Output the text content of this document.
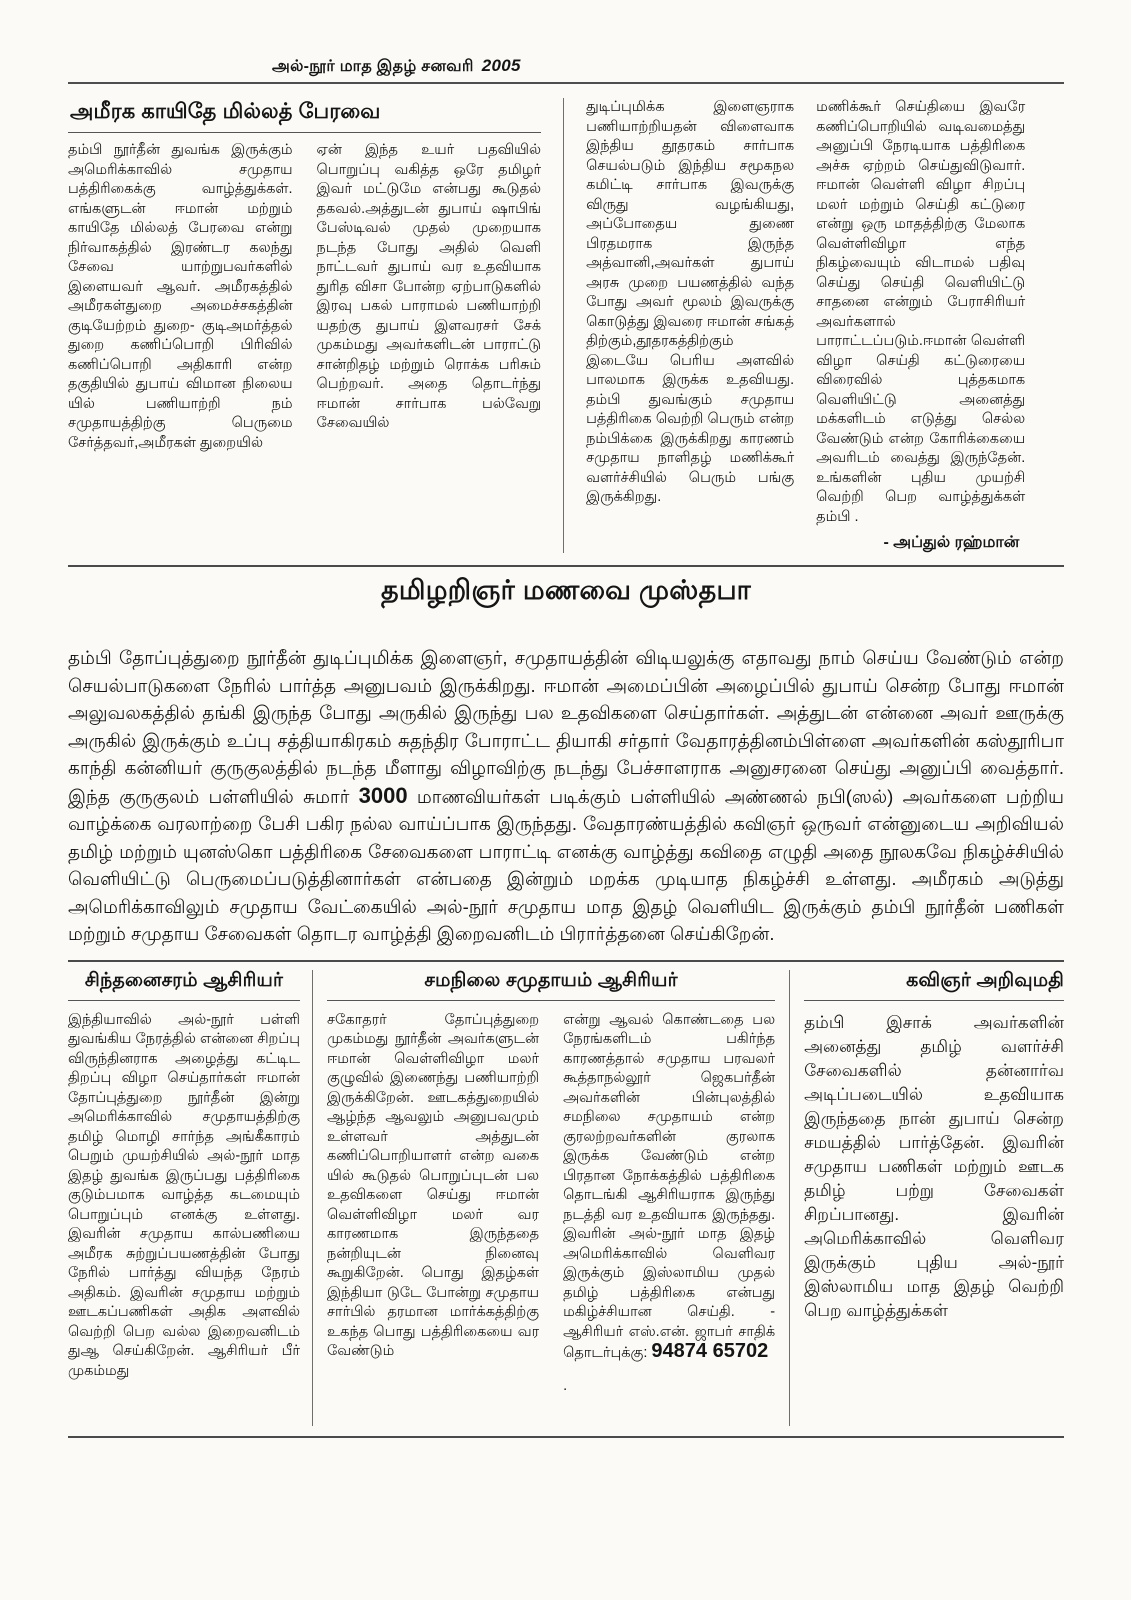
அல்-நூர் மாத இதழ் சனவரி 2005
அமீரக காயிதே மில்லத் பேரவை
தம்பி நூர்தீன் துவங்க இருக்கும் அமெரிக்காவில் சமுதாய பத்திரிகைக்கு வாழ்த்துக்கள். எங்களுடன் ஈமான் மற்றும் காயிதே மில்லத் பேரவை என்று நிர்வாகத்தில் இரண்டர கலந்து சேவை யாற்றுபவர்களில் இளையவர் ஆவர். அமீரகத்தில் அமீரகள்துறை அமைச்சகத்தின் குடியேற்றம் துறை- குடிஅமர்த்தல் துறை கணிப்பொறி பிரிவில் கணிப்பொறி அதிகாரி என்ற தகுதியில் துபாய் விமான நிலைய யில் பணியாற்றி நம் சமுதாயத்திற்கு பெருமை சேர்த்தவர்,அமீரகள் துறையில்
ஏன் இந்த உயர் பதவியில் பொறுப்பு வகித்த ஒரே தமிழர் இவர் மட்டுமே என்பது கூடுதல் தகவல்.அத்துடன் துபாய் ஷாபிங் பேஸ்டிவல் முதல் முறையாக நடந்த போது அதில் வெளி நாட்டவர் துபாய் வர உதவியாக துரித விசா போன்ற ஏற்பாடுகளில் இரவு பகல் பாராமல் பணியாற்றி யதற்கு துபாய் இளவரசர் சேக் முகம்மது அவர்களிடன் பாராட்டு சான்றிதழ் மற்றும் ரொக்க பரிசும் பெற்றவர். அதை தொடர்ந்து ஈமான் சார்பாக பல்வேறு சேவையில்
துடிப்புமிக்க இளைஞராக பணியாற்றியதன் விளைவாக இந்திய தூதரகம் சார்பாக செயல்படும் இந்திய சமூகநல கமிட்டி சார்பாக இவருக்கு விருது வழங்கியது, அப்போதைய துணை பிரதமராக இருந்த அத்வானி,அவர்கள் துபாய் அரசு முறை பயணத்தில் வந்த போது அவர் மூலம் இவருக்கு கொடுத்து இவரை ஈமான் சங்கத் திற்கும்,தூதரகத்திற்கும் இடையே பெரிய அளவில் பாலமாக இருக்க உதவியது. தம்பி துவங்கும் சமுதாய பத்திரிகை வெற்றி பெரும் என்ற நம்பிக்கை இருக்கிறது காரணம் சமுதாய நாளிதழ் மணிக்கூர் வளர்ச்சியில் பெரும் பங்கு இருக்கிறது.
மணிக்கூர் செய்தியை இவரே கணிப்பொறியில் வடிவமைத்து அனுப்பி நேரடியாக பத்திரிகை அச்சு ஏற்றம் செய்துவிடுவார். ஈமான் வெள்ளி விழா சிறப்பு மலர் மற்றும் செய்தி கட்டுரை என்று ஒரு மாதத்திற்கு மேலாக வெள்ளிவிழா எந்த நிகழ்வையும் விடாமல் பதிவு செய்து செய்தி வெளியிட்டு சாதனை என்றும் பேராசிரியர் அவர்களால் பாராட்டப்படும்.ஈமான் வெள்ளி விழா செய்தி கட்டுரையை விரைவில் புத்தகமாக வெளியிட்டு அனைத்து மக்களிடம் எடுத்து செல்ல வேண்டும் என்ற கோரிக்கையை அவரிடம் வைத்து இருந்தேன். உங்களின் புதிய முயற்சி வெற்றி பெற வாழ்த்துக்கள் தம்பி .
- அப்துல் ரஹ்மான்
தமிழறிஞர் மணவை முஸ்தபா

தம்பி தோப்புத்துறை நூர்தீன் துடிப்புமிக்க இளைஞர், சமுதாயத்தின் விடியலுக்கு எதாவது நாம் செய்ய வேண்டும் என்ற செயல்பாடுகளை நேரில் பார்த்த அனுபவம் இருக்கிறது. ஈமான் அமைப்பின் அழைப்பில் துபாய் சென்ற போது ஈமான் அலுவலகத்தில் தங்கி இருந்த போது அருகில் இருந்து பல உதவிகளை செய்தார்கள். அத்துடன் என்னை அவர் ஊருக்கு அருகில் இருக்கும் உப்பு சத்தியாகிரகம் சுதந்திர போராட்ட தியாகி சர்தார் வேதாரத்தினம்பிள்ளை அவர்களின் கஸ்தூரிபா காந்தி கன்னியர் குருகுலத்தில் நடந்த மீளாது விழாவிற்கு நடந்து பேச்சாளராக அனுசரனை செய்து அனுப்பி வைத்தார். இந்த குருகுலம் பள்ளியில் சுமார் 3000 மாணவியர்கள் படிக்கும் பள்ளியில் அண்ணல் நபி(ஸல்) அவர்களை பற்றிய வாழ்க்கை வரலாற்றை பேசி பகிர நல்ல வாய்ப்பாக இருந்தது. வேதாரண்யத்தில் கவிஞர் ஒருவர் என்னுடைய அறிவியல் தமிழ் மற்றும் யுனஸ்கொ பத்திரிகை சேவைகளை பாராட்டி எனக்கு வாழ்த்து கவிதை எழுதி அதை நூலகவே நிகழ்ச்சியில் வெளியிட்டு பெருமைப்படுத்தினார்கள் என்பதை இன்றும் மறக்க முடியாத நிகழ்ச்சி உள்ளது. அமீரகம் அடுத்து அமெரிக்காவிலும் சமுதாய வேட்கையில் அல்-நூர் சமுதாய மாத இதழ் வெளியிட இருக்கும் தம்பி நூர்தீன் பணிகள் மற்றும் சமுதாய சேவைகள் தொடர வாழ்த்தி இறைவனிடம் பிரார்த்தனை செய்கிறேன்.

சிந்தனைசரம் ஆசிரியர்
இந்தியாவில் அல்-நூர் பள்ளி துவங்கிய நேரத்தில் என்னை சிறப்பு விருந்தினராக அழைத்து கட்டிட திறப்பு விழா செய்தார்கள் ஈமான் தோப்புத்துறை நூர்தீன் இன்று அமெரிக்காவில் சமுதாயத்திற்கு தமிழ் மொழி சார்ந்த அங்கீகாரம் பெறும் முயற்சியில் அல்-நூர் மாத இதழ் துவங்க இருப்பது பத்திரிகை குடும்பமாக வாழ்த்த கடமையும் பொறுப்பும் எனக்கு உள்ளது. இவரின் சமுதாய கால்பணியை அமீரக சுற்றுப்பயணத்தின் போது நேரில் பார்த்து வியந்த நேரம் அதிகம். இவரின் சமுதாய மற்றும் ஊடகப்பணிகள் அதிக அளவில் வெற்றி பெற வல்ல இறைவனிடம் துஆ செய்கிறேன். ஆசிரியர் பீர் முகம்மது
சமநிலை சமுதாயம் ஆசிரியர்
சகோதரர் தோப்புத்துறை முகம்மது நூர்தீன் அவர்களுடன் ஈமான் வெள்ளிவிழா மலர் குழுவில் இணைந்து பணியாற்றி இருக்கிறேன். ஊடகத்துறையில் ஆழ்ந்த ஆவலும் அனுபவமும் உள்ளவர் அத்துடன் கணிப்பொறியாளர் என்ற வகை யில் கூடுதல் பொறுப்புடன் பல உதவிகளை செய்து ஈமான் வெள்ளிவிழா மலர் வர காரணமாக இருந்ததை நன்றியுடன் நினைவு கூறுகிறேன். பொது இதழ்கள் இந்தியா டுடே போன்று சமுதாய சார்பில் தரமான மார்க்கத்திற்கு உகந்த பொது பத்திரிகையை வர வேண்டும்
என்று ஆவல் கொண்டதை பல நேரங்களிடம் பகிர்ந்த காரணத்தால் சமுதாய பரவலர் கூத்தாநல்லூர் ஜெகபர்தீன் அவர்களின் பின்புலத்தில் சமநிலை சமுதாயம் என்ற குரலற்றவர்களின் குரலாக இருக்க வேண்டும் என்ற பிரதான நோக்கத்தில் பத்திரிகை தொடங்கி ஆசிரியராக இருந்து நடத்தி வர உதவியாக இருந்தது. இவரின் அல்-நூர் மாத இதழ் அமெரிக்காவில் வெளிவர இருக்கும் இஸ்லாமிய முதல் தமிழ் பத்திரிகை என்பது மகிழ்ச்சியான செய்தி. - ஆசிரியர் எஸ்.என். ஜாபர் சாதிக் தொடர்புக்கு: 94874 65702
.
கவிஞர் அறிவுமதி
தம்பி இசாக் அவர்களின் அனைத்து தமிழ் வளர்ச்சி சேவைகளில் தன்னார்வ அடிப்படையில் உதவியாக இருந்ததை நான் துபாய் சென்ற சமயத்தில் பார்த்தேன். இவரின் சமுதாய பணிகள் மற்றும் ஊடக தமிழ் பற்று சேவைகள் சிறப்பானது. இவரின் அமெரிக்காவில் வெளிவர இருக்கும் புதிய அல்-நூர் இஸ்லாமிய மாத இதழ் வெற்றி பெற வாழ்த்துக்கள்
